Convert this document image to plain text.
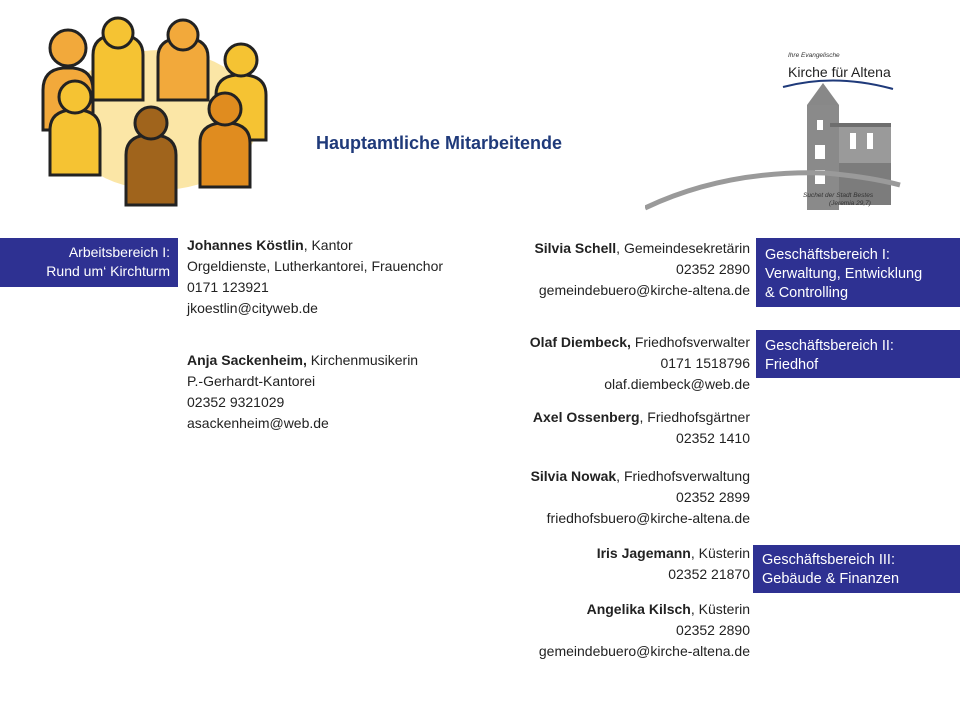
Hauptamtliche Mitarbeitende
Ihre Evangelische
Kirche für Altena
Suchet der Stadt Bestes
(Jeremia 29,7)
Arbeitsbereich I:
Rund um‘ Kirchturm
Geschäftsbereich I:
Verwaltung, Entwicklung
& Controlling
Geschäftsbereich II:
Friedhof
Geschäftsbereich III:
Gebäude & Finanzen
Johannes Köstlin, Kantor
Orgeldienste, Lutherkantorei, Frauenchor
0171 123921
jkoestlin@cityweb.de
Anja Sackenheim, Kirchenmusikerin
P.-Gerhardt-Kantorei
02352 9321029
asackenheim@web.de
Silvia Schell, Gemeindesekretärin
02352 2890
gemeindebuero@kirche-altena.de
Olaf Diembeck, Friedhofsverwalter
0171 1518796
olaf.diembeck@web.de
Axel Ossenberg, Friedhofsgärtner
02352 1410
Silvia Nowak, Friedhofsverwaltung
02352 2899
friedhofsbuero@kirche-altena.de
Iris Jagemann, Küsterin
02352 21870
Angelika Kilsch, Küsterin
02352 2890
gemeindebuero@kirche-altena.de
